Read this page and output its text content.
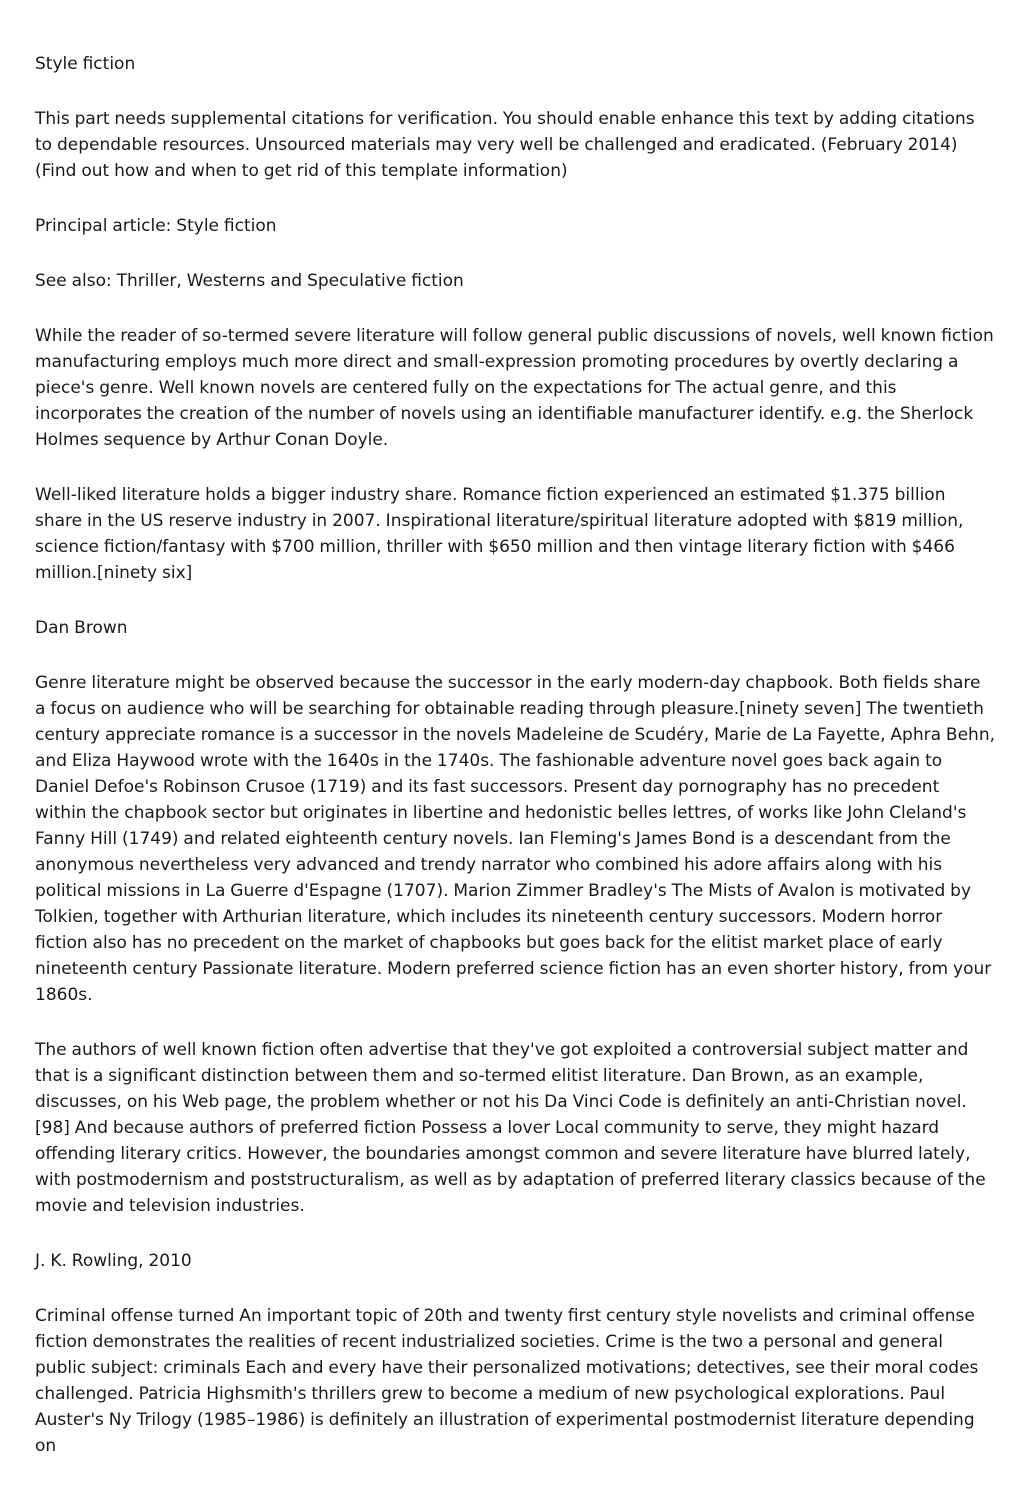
Style fiction

This part needs supplemental citations for verification. You should enable enhance this text by adding citations to dependable resources. Unsourced materials may very well be challenged and eradicated. (February 2014) (Find out how and when to get rid of this template information)

Principal article: Style fiction

See also: Thriller, Westerns and Speculative fiction

While the reader of so-termed severe literature will follow general public discussions of novels, well known fiction manufacturing employs much more direct and small-expression promoting procedures by overtly declaring a piece's genre. Well known novels are centered fully on the expectations for The actual genre, and this incorporates the creation of the number of novels using an identifiable manufacturer identify. e.g. the Sherlock Holmes sequence by Arthur Conan Doyle.

Well-liked literature holds a bigger industry share. Romance fiction experienced an estimated $1.375 billion share in the US reserve industry in 2007. Inspirational literature/spiritual literature adopted with $819 million, science fiction/fantasy with $700 million, thriller with $650 million and then vintage literary fiction with $466 million.[ninety six]

Dan Brown

Genre literature might be observed because the successor in the early modern-day chapbook. Both fields share a focus on audience who will be searching for obtainable reading through pleasure.[ninety seven] The twentieth century appreciate romance is a successor in the novels Madeleine de Scudéry, Marie de La Fayette, Aphra Behn, and Eliza Haywood wrote with the 1640s in the 1740s. The fashionable adventure novel goes back again to Daniel Defoe's Robinson Crusoe (1719) and its fast successors. Present day pornography has no precedent within the chapbook sector but originates in libertine and hedonistic belles lettres, of works like John Cleland's Fanny Hill (1749) and related eighteenth century novels. Ian Fleming's James Bond is a descendant from the anonymous nevertheless very advanced and trendy narrator who combined his adore affairs along with his political missions in La Guerre d'Espagne (1707). Marion Zimmer Bradley's The Mists of Avalon is motivated by Tolkien, together with Arthurian literature, which includes its nineteenth century successors. Modern horror fiction also has no precedent on the market of chapbooks but goes back for the elitist market place of early nineteenth century Passionate literature. Modern preferred science fiction has an even shorter history, from your 1860s.

The authors of well known fiction often advertise that they've got exploited a controversial subject matter and that is a significant distinction between them and so-termed elitist literature. Dan Brown, as an example, discusses, on his Web page, the problem whether or not his Da Vinci Code is definitely an anti-Christian novel.[98] And because authors of preferred fiction Possess a lover Local community to serve, they might hazard offending literary critics. However, the boundaries amongst common and severe literature have blurred lately, with postmodernism and poststructuralism, as well as by adaptation of preferred literary classics because of the movie and television industries.

J. K. Rowling, 2010

Criminal offense turned An important topic of 20th and twenty first century style novelists and criminal offense fiction demonstrates the realities of recent industrialized societies. Crime is the two a personal and general public subject: criminals Each and every have their personalized motivations; detectives, see their moral codes challenged. Patricia Highsmith's thrillers grew to become a medium of new psychological explorations. Paul Auster's Ny Trilogy (1985–1986) is definitely an illustration of experimental postmodernist literature depending on
